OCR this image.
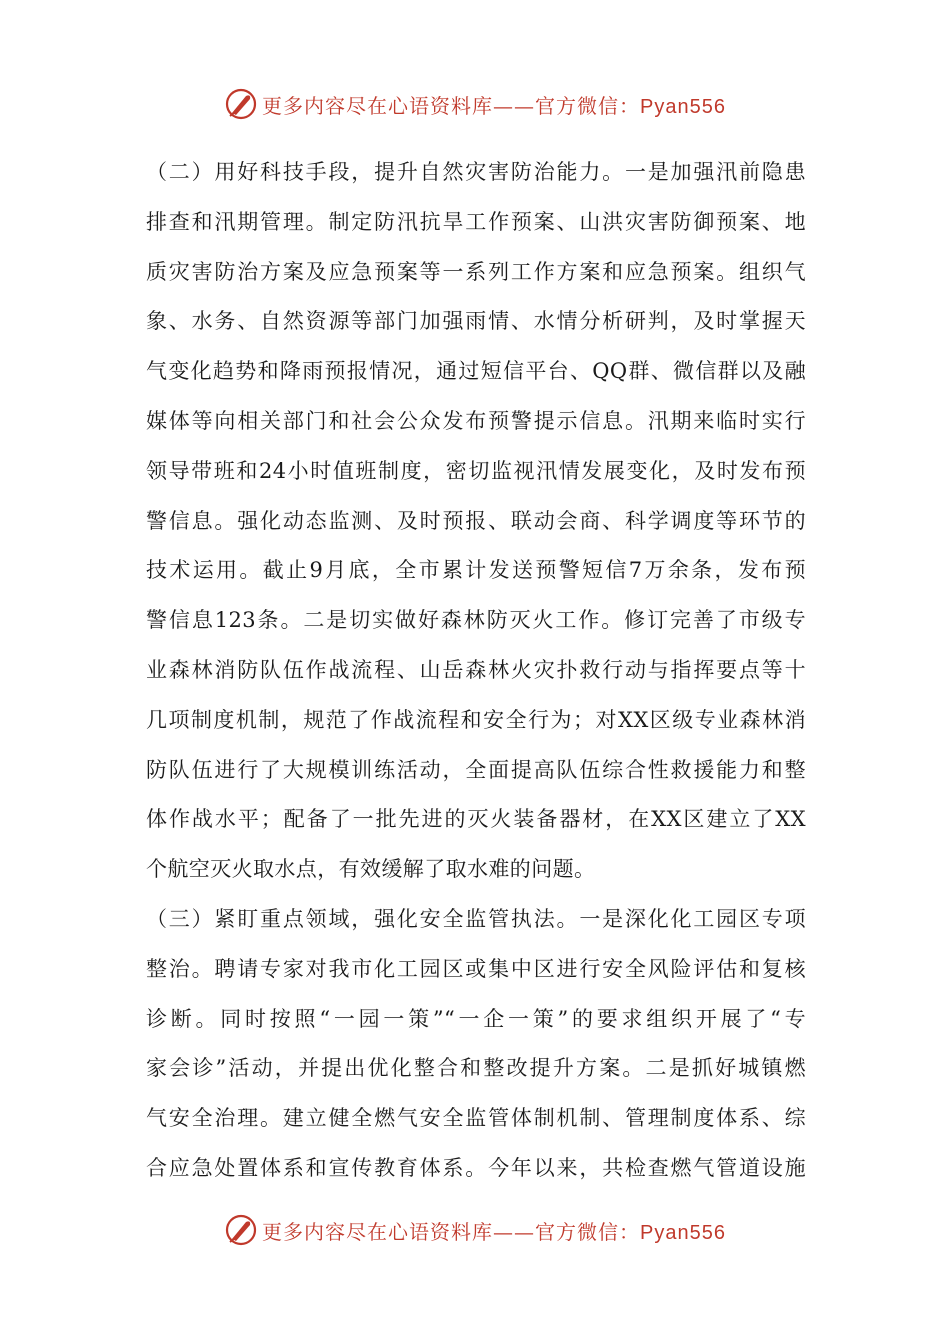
更多内容尽在心语资料库——官方微信：Pyan556
（二）用好科技手段，提升自然灾害防治能力。一是加强汛前隐患
排查和汛期管理。制定防汛抗旱工作预案、山洪灾害防御预案、地
质灾害防治方案及应急预案等一系列工作方案和应急预案。组织气
象、水务、自然资源等部门加强雨情、水情分析研判，及时掌握天
气变化趋势和降雨预报情况，通过短信平台、QQ群、微信群以及融
媒体等向相关部门和社会公众发布预警提示信息。汛期来临时实行
领导带班和24小时值班制度，密切监视汛情发展变化，及时发布预
警信息。强化动态监测、及时预报、联动会商、科学调度等环节的
技术运用。截止9月底，全市累计发送预警短信7万余条，发布预
警信息123条。二是切实做好森林防灭火工作。修订完善了市级专
业森林消防队伍作战流程、山岳森林火灾扑救行动与指挥要点等十
几项制度机制，规范了作战流程和安全行为；对XX区级专业森林消
防队伍进行了大规模训练活动，全面提高队伍综合性救援能力和整
体作战水平；配备了一批先进的灭火装备器材，在XX区建立了XX
个航空灭火取水点，有效缓解了取水难的问题。
（三）紧盯重点领域，强化安全监管执法。一是深化化工园区专项
整治。聘请专家对我市化工园区或集中区进行安全风险评估和复核
诊断。同时按照“一园一策”“一企一策”的要求组织开展了“专
家会诊”活动，并提出优化整合和整改提升方案。二是抓好城镇燃
气安全治理。建立健全燃气安全监管体制机制、管理制度体系、综
合应急处置体系和宣传教育体系。今年以来，共检查燃气管道设施
更多内容尽在心语资料库——官方微信：Pyan556
